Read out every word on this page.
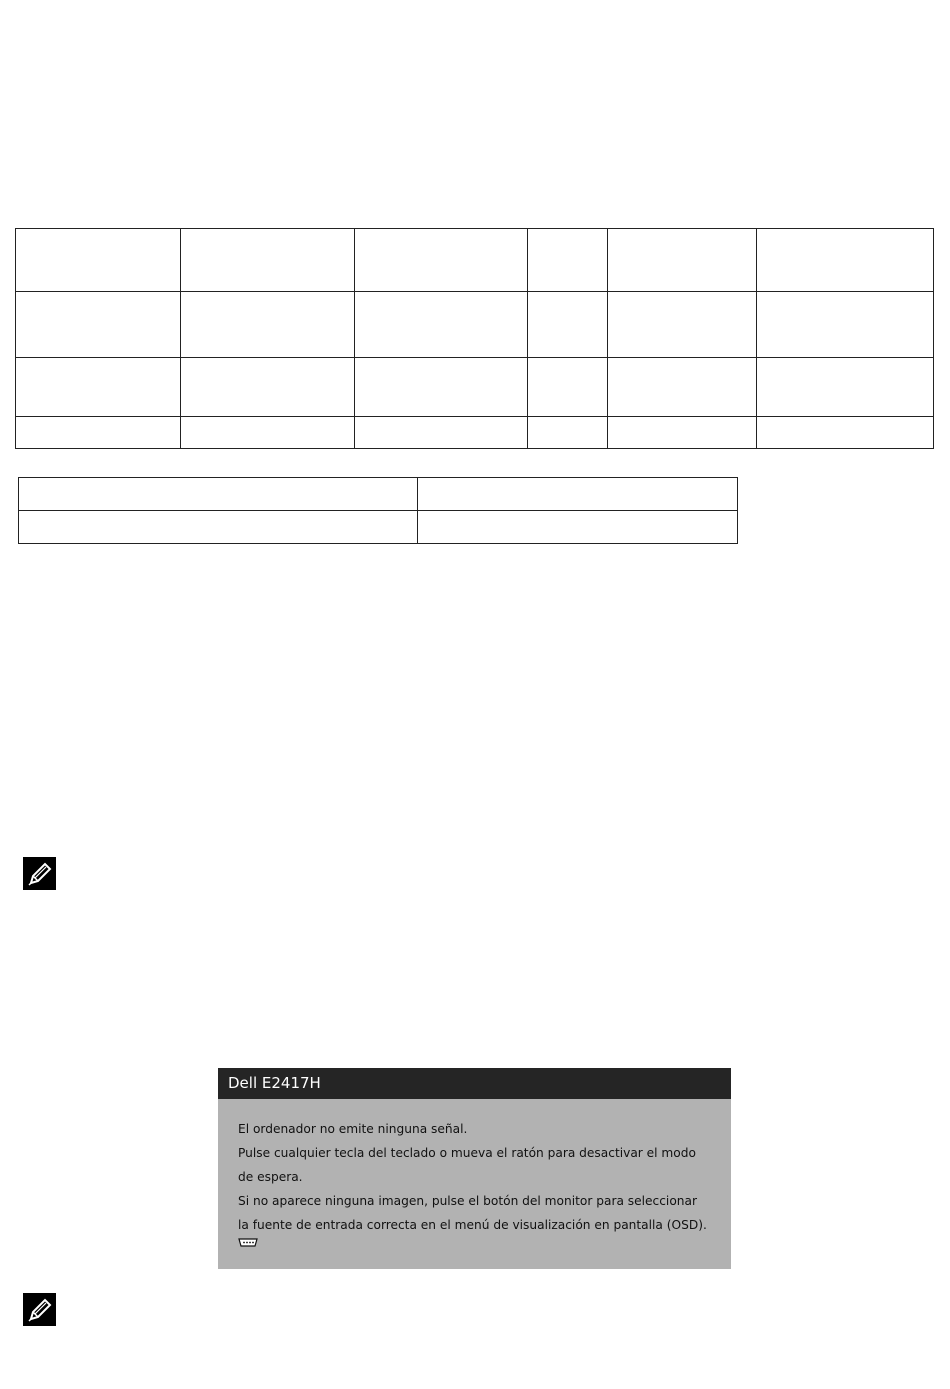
Dell E2417H
El ordenador no emite ninguna señal.
Pulse cualquier tecla del teclado o mueva el ratón para desactivar el modo
de espera.
Si no aparece ninguna imagen, pulse el botón del monitor para seleccionar
la fuente de entrada correcta en el menú de visualización en pantalla (OSD).
